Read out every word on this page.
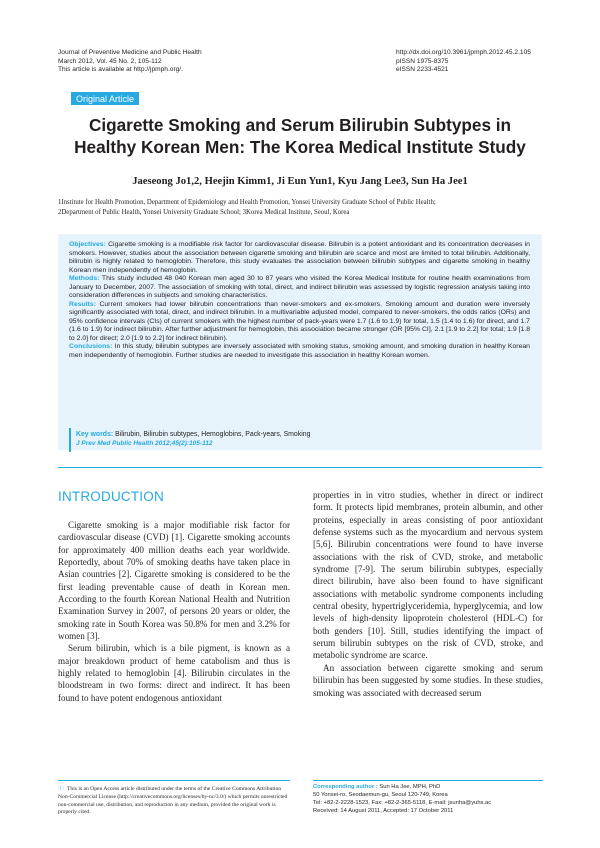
Journal of Preventive Medicine and Public Health
March 2012, Vol. 45 No. 2, 105-112
This article is available at http://jpmph.org/.
http://dx.doi.org/10.3961/jpmph.2012.45.2.105
pISSN 1975-8375
eISSN 2233-4521
Original Article
Cigarette Smoking and Serum Bilirubin Subtypes in
Healthy Korean Men: The Korea Medical Institute Study
Jaeseong Jo1,2, Heejin Kimm1, Ji Eun Yun1, Kyu Jang Lee3, Sun Ha Jee1
1Institute for Health Promotion, Department of Epidemiology and Health Promotion, Yonsei University Graduate School of Public Health;
2Department of Public Health, Yonsei University Graduate School; 3Korea Medical Institute, Seoul, Korea

Objectives: Cigarette smoking is a modifiable risk factor for cardiovascular disease. Bilirubin is a potent antioxidant and its concentration decreases in smokers. However, studies about the association between cigarette smoking and bilirubin are scarce and most are limited to total bilirubin. Additionally, bilirubin is highly related to hemoglobin. Therefore, this study evaluates the association between bilirubin subtypes and cigarette smoking in healthy Korean men independently of hemoglobin.

Methods: This study included 48 040 Korean men aged 30 to 87 years who visited the Korea Medical Institute for routine health examinations from January to December, 2007. The association of smoking with total, direct, and indirect bilirubin was assessed by logistic regression analysis taking into consideration differences in subjects and smoking characteristics.

Results: Current smokers had lower bilirubin concentrations than never-smokers and ex-smokers. Smoking amount and duration were inversely significantly associated with total, direct, and indirect bilirubin. In a multivariable adjusted model, compared to never-smokers, the odds ratios (ORs) and 95% confidence intervals (CIs) of current smokers with the highest number of pack-years were 1.7 (1.6 to 1.9) for total, 1.5 (1.4 to 1.6) for direct, and 1.7 (1.6 to 1.9) for indirect bilirubin. After further adjustment for hemoglobin, this association became stronger (OR [95% CI], 2.1 [1.9 to 2.2] for total; 1.9 [1.8 to 2.0] for direct; 2.0 [1.9 to 2.2] for indirect bilirubin).

Conclusions: In this study, bilirubin subtypes are inversely associated with smoking status, smoking amount, and smoking duration in healthy Korean men independently of hemoglobin. Further studies are needed to investigate this association in healthy Korean women.

Key words: Bilirubin, Bilirubin subtypes, Hemoglobins, Pack-years, Smoking
J Prev Med Public Health 2012;45(2):105-112
INTRODUCTION

Cigarette smoking is a major modifiable risk factor for cardiovascular disease (CVD) [1]. Cigarette smoking accounts for approximately 400 million deaths each year worldwide. Reportedly, about 70% of smoking deaths have taken place in Asian countries [2]. Cigarette smoking is considered to be the first leading preventable cause of death in Korean men. According to the fourth Korean National Health and Nutrition Examination Survey in 2007, of persons 20 years or older, the smoking rate in South Korea was 50.8% for men and 3.2% for women [3].

Serum bilirubin, which is a bile pigment, is known as a major breakdown product of heme catabolism and thus is highly related to hemoglobin [4]. Bilirubin circulates in the bloodstream in two forms: direct and indirect. It has been found to have potent endogenous antioxidant

properties in in vitro studies, whether in direct or indirect form. It protects lipid membranes, protein albumin, and other proteins, especially in areas consisting of poor antioxidant defense systems such as the myocardium and nervous system [5,6]. Bilirubin concentrations were found to have inverse associations with the risk of CVD, stroke, and metabolic syndrome [7-9]. The serum bilirubin subtypes, especially direct bilirubin, have also been found to have significant associations with metabolic syndrome components including central obesity, hypertriglyceridemia, hyperglycemia, and low levels of high-density lipoprotein cholesterol (HDL-C) for both genders [10]. Still, studies identifying the impact of serum bilirubin subtypes on the risk of CVD, stroke, and metabolic syndrome are scarce.

An association between cigarette smoking and serum bilirubin has been suggested by some studies. In these studies, smoking was associated with decreased serum

ⓒ This is an Open Access article distributed under the terms of the Creative Commons Attribution Non-Commercial License (http://creativecommons.org/licenses/by-nc/3.0/) which permits unrestricted non-commercial use, distribution, and reproduction in any medium, provided the original work is properly cited.
Corresponding author : Sun Ha Jee, MPH, PhD
50 Yonsei-ro, Seodaemun-gu, Seoul 120-749, Korea
Tel: +82-2-2228-1523, Fax: +82-2-365-5118, E-mail: jsunha@yuhs.ac
Received: 14 August 2011, Accepted: 17 October 2011
